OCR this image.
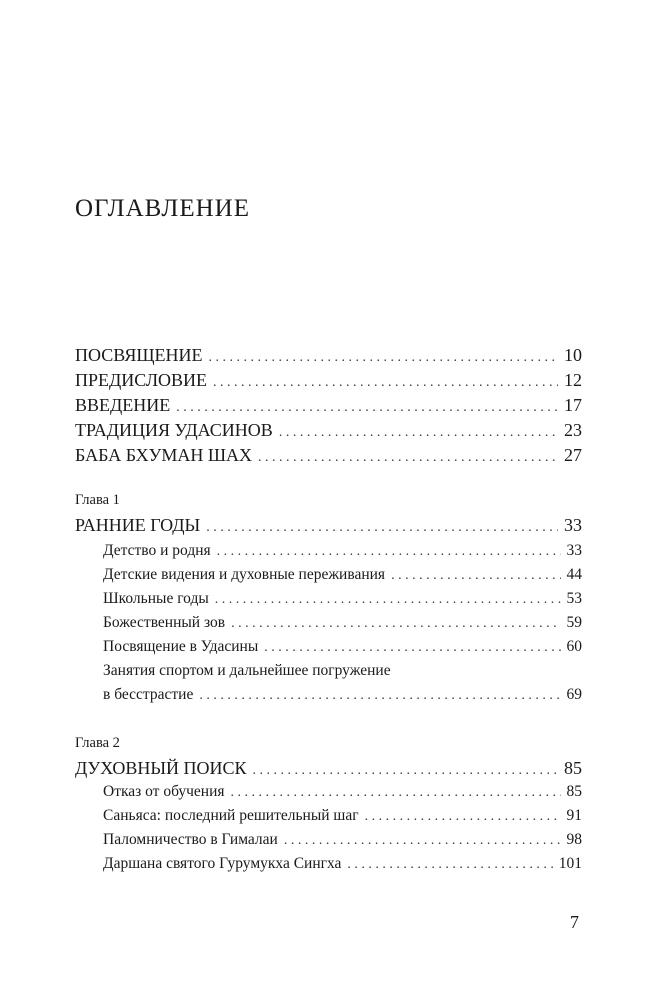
ОГЛАВЛЕНИЕ
ПОСВЯЩЕНИЕ . . .	10
ПРЕДИСЛОВИЕ . . .	12
ВВЕДЕНИЕ . . .	17
ТРАДИЦИЯ УДАСИНОВ . . .	23
БАБА БХУМАН ШАХ . . .	27
Глава 1
РАННИЕ ГОДЫ . . .	33
Детство и родня . . .	33
Детские видения и духовные переживания . . .	44
Школьные годы . . .	53
Божественный зов . . .	59
Посвящение в Удасины . . .	60
Занятия спортом и дальнейшее погружение
в бесстрастие . . .	69
Глава 2
ДУХОВНЫЙ ПОИСК . . .	85
Отказ от обучения . . .	85
Саньяса: последний решительный шаг . . .	91
Паломничество в Гималаи . . .	98
Даршана святого Гурумукха Сингха . . .	101
7
